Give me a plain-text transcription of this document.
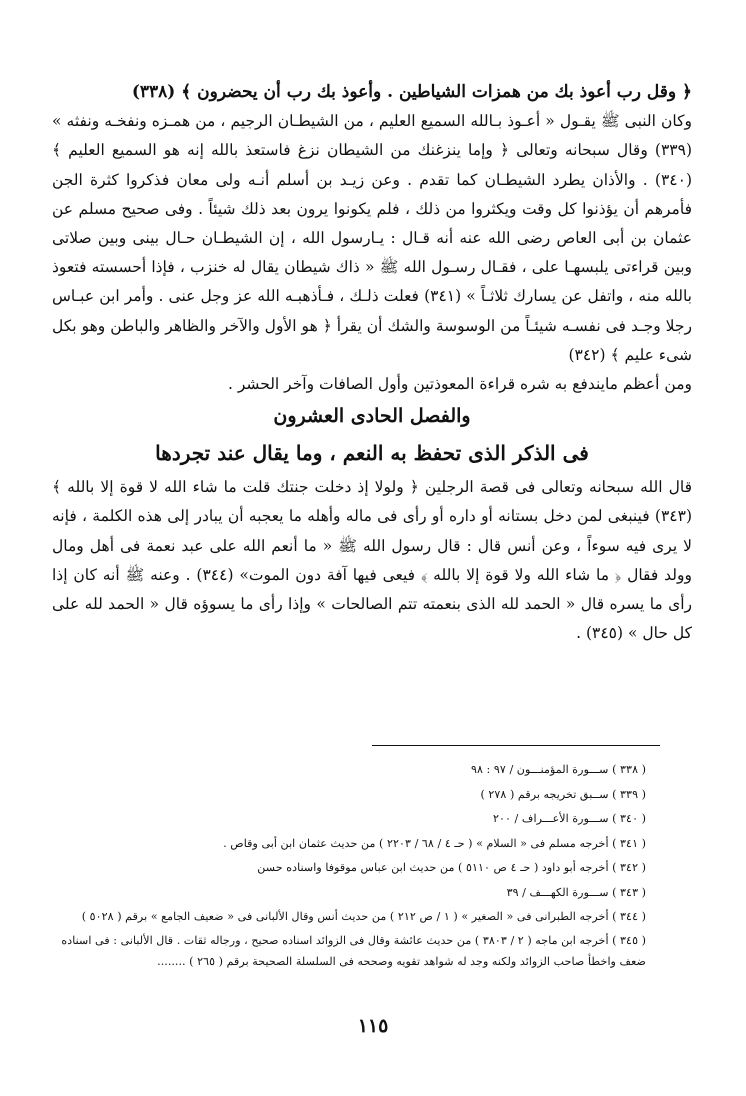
﴿ وقل رب أعوذ بك من همزات الشياطين . وأعوذ بك رب أن يحضرون ﴾ (٣٣٨)

وكان النبى ﷺ يقـول « أعـوذ بـالله السميع العليم ، من الشيطـان الرجيم ، من همـزه ونفخـه ونفثه » (٣٣٩) وقال سبحانه وتعالى ﴿ وإما ينزغنك من الشيطان نزغ فاستعذ بالله إنه هو السميع العليم ﴾ (٣٤٠) . والأذان يطرد الشيطـان كما تقدم . وعن زيـد بن أسلم أنـه ولى معان فذكروا كثرة الجن فأمرهم أن يؤذنوا كل وقت ويكثروا من ذلك ، فلم يكونوا يرون بعد ذلك شيئاً . وفى صحيح مسلم عن عثمان بن أبى العاص رضى الله عنه أنه قـال : يـارسول الله ، إن الشيطـان حـال بينى وبين صلاتى وبين قراءتى يلبسهـا على ، فقـال رسـول الله ﷺ « ذاك شيطان يقال له خنزب ، فإذا أحسسته فتعوذ بالله منه ، واتفل عن يسارك ثلاثـاً » (٣٤١) فعلت ذلـك ، فـأذهبـه الله عز وجل عنى . وأمر ابن عبـاس رجلا وجـد فى نفسـه شيئـاً من الوسوسة والشك أن يقرأ ﴿ هو الأول والآخر والظاهر والباطن وهو بكل شىء عليم ﴾ (٣٤٢)

ومن أعظم مايندفع به شره قراءة المعوذتين وأول الصافات وآخر الحشر .

والفصل الحادى العشرون

فى الذكر الذى تحفظ به النعم ، وما يقال عند تجردها

قال الله سبحانه وتعالى فى قصة الرجلين ﴿ ولولا إذ دخلت جنتك قلت ما شاء الله لا قوة إلا بالله ﴾ (٣٤٣) فينبغى لمن دخل بستانه أو داره أو رأى فى ماله وأهله ما يعجبه أن يبادر إلى هذه الكلمة ، فإنه لا يرى فيه سوءاً ، وعن أنس قال : قال رسول الله ﷺ « ما أنعم الله على عبد نعمة فى أهل ومال وولد فقال ﴿ ما شاء الله ولا قوة إلا بالله ﴾ فيعى فيها آفة دون الموت» (٣٤٤) . وعنه ﷺ أنه كان إذا رأى ما يسره قال « الحمد لله الذى بنعمته تتم الصالحات » وإذا رأى ما يسوؤه قال « الحمد لله على كل حال » (٣٤٥) .

( ٣٣٨ ) ســـورة المؤمنـــون / ٩٧ : ٩٨
( ٣٣٩ ) ســبق تخريجه برقم ( ٢٧٨ )
( ٣٤٠ ) ســـورة الأعـــراف / ٢٠٠
( ٣٤١ ) أخرجه مسلم فى « السلام » ( حـ ٤ / ٦٨ / ٢٢٠٣ ) من حديث عثمان ابن أبى وقاص .
( ٣٤٢ ) أخرجه أبو داود ( حـ ٤ ص ٥١١٠ ) من حديث ابن عباس موقوفا واسناده حسن
( ٣٤٣ ) ســـورة الكهـــف / ٣٩
( ٣٤٤ ) أخرجه الطبرانى فى « الصغير » ( ١ / ص ٢١٢ ) من حديث أنس وقال الألبانى فى « ضعيف الجامع » برقم ( ٥٠٢٨ )
( ٣٤٥ ) أخرجه ابن ماجه ( ٢ / ٣٨٠٣ ) من حديث عائشة وقال فى الزوائد اسناده صحيح ، ورجاله ثقات . قال الألبانى : فى اسناده ضعف واخطأ صاحب الزوائد ولكنه وجد له شواهد تقويه وصححه فى السلسلة الصحيحة برقم ( ٢٦٥ ) ........
١١٥
